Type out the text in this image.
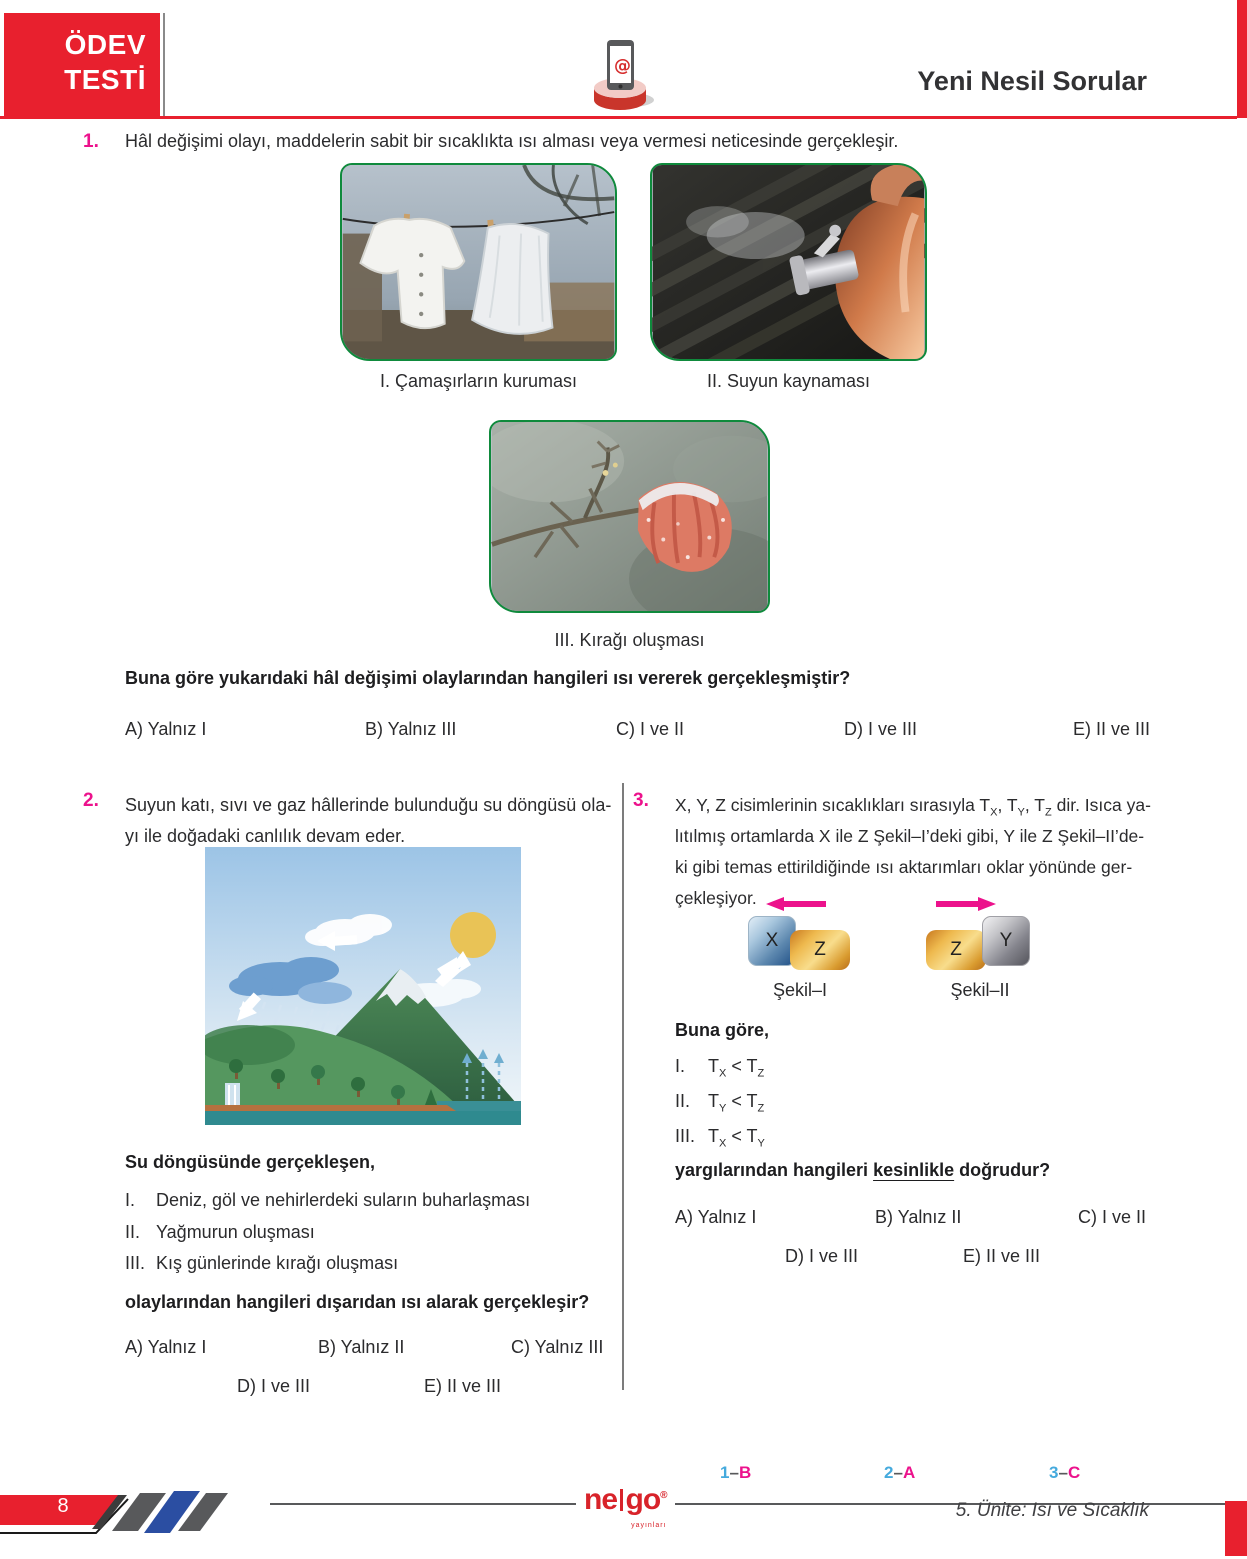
ÖDEV
TESTİ	@	Yeni Nesil Sorular
1. Hâl değişimi olayı, maddelerin sabit bir sıcaklıkta ısı alması veya vermesi neticesinde gerçekleşir.
I. Çamaşırların kuruması	II. Suyun kaynaması
III. Kırağı oluşması
Buna göre yukarıdaki hâl değişimi olaylarından hangileri ısı vererek gerçekleşmiştir?
A) Yalnız I	B) Yalnız III	C) I ve II	D) I ve III	E) II ve III
2. Suyun katı, sıvı ve gaz hâllerinde bulunduğu su döngüsü ola-
yı ile doğadaki canlılık devam eder.
Su döngüsünde gerçekleşen,
I. Deniz, göl ve nehirlerdeki suların buharlaşması
II. Yağmurun oluşması
III. Kış günlerinde kırağı oluşması
olaylarından hangileri dışarıdan ısı alarak gerçekleşir?
A) Yalnız I	B) Yalnız II	C) Yalnız III
D) I ve III	E) II ve III
3. X, Y, Z cisimlerinin sıcaklıkları sırasıyla $T_X$, $T_Y$, $T_Z$ dir. Isıca ya-
lıtılmış ortamlarda X ile Z Şekil–I’deki gibi, Y ile Z Şekil–II’de-
ki gibi temas ettirildiğinde ısı aktarımları oklar yönünde ger-
çekleşiyor.
X Z
Şekil–I
Z Y
Şekil–II
Buna göre,
I. $T_X < T_Z$
II. $T_Y < T_Z$
III. $T_X < T_Y$
yargılarından hangileri kesinlikle doğrudur?
A) Yalnız I	B) Yalnız II	C) I ve II
D) I ve III	E) II ve III
1–B	2–A	3–C
8	ne go®
yayınları
5. Ünite: Isı ve Sıcaklık
